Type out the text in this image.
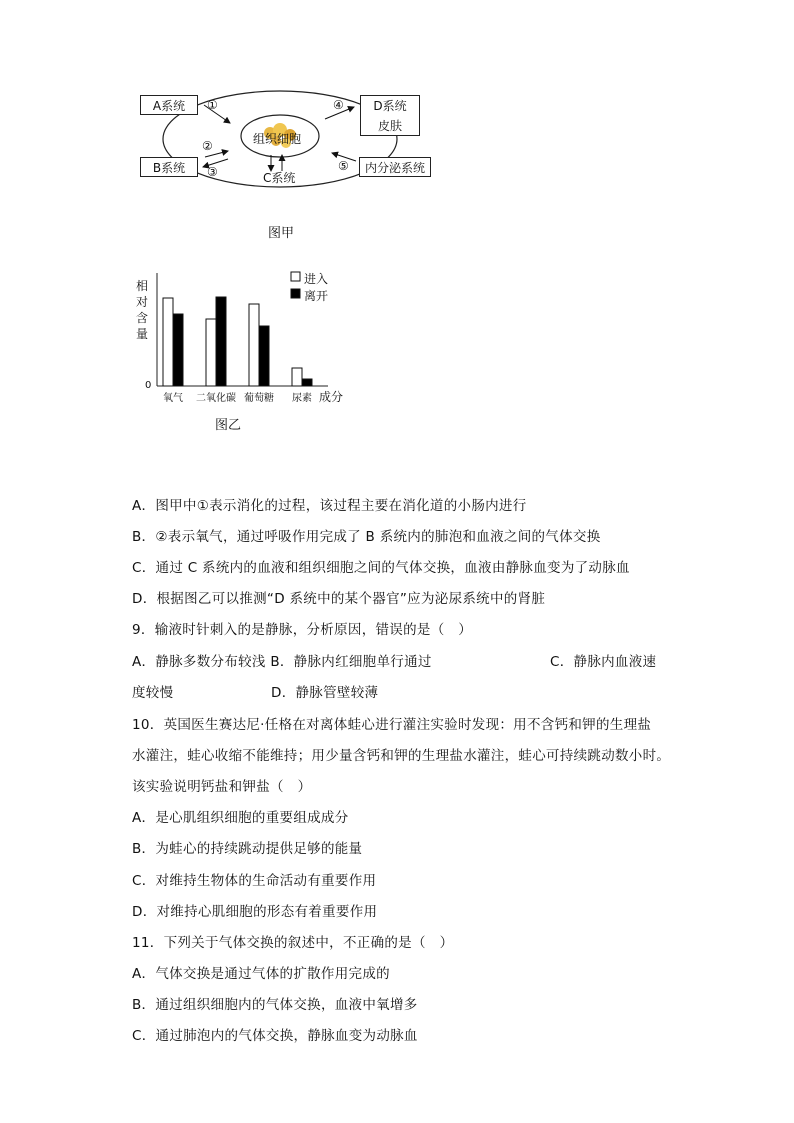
A系统
B系统
D系统
皮肤
内分泌系统
组织细胞
C系统
①
②
③
④
⑤
图甲
相
对
含
量
0
氧气 二氧化碳 葡萄糖 尿素
进入
离开
成分
图乙
A．图甲中①表示消化的过程，该过程主要在消化道的小肠内进行
B．②表示氧气，通过呼吸作用完成了 B 系统内的肺泡和血液之间的气体交换
C．通过 C 系统内的血液和组织细胞之间的气体交换，血液由静脉血变为了动脉血
D．根据图乙可以推测“D 系统中的某个器官”应为泌尿系统中的肾脏
9．输液时针刺入的是静脉，分析原因，错误的是（　）
A．静脉多数分布较浅 B．静脉内红细胞单行通过	C．静脉内血液速
度较慢	D．静脉管壁较薄
10．英国医生赛达尼·任格在对离体蛙心进行灌注实验时发现：用不含钙和钾的生理盐
水灌注，蛙心收缩不能维持；用少量含钙和钾的生理盐水灌注，蛙心可持续跳动数小时。
该实验说明钙盐和钾盐（　）
A．是心肌组织细胞的重要组成成分
B．为蛙心的持续跳动提供足够的能量
C．对维持生物体的生命活动有重要作用
D．对维持心肌细胞的形态有着重要作用
11．下列关于气体交换的叙述中，不正确的是（　）
A．气体交换是通过气体的扩散作用完成的
B．通过组织细胞内的气体交换，血液中氧增多
C．通过肺泡内的气体交换，静脉血变为动脉血
